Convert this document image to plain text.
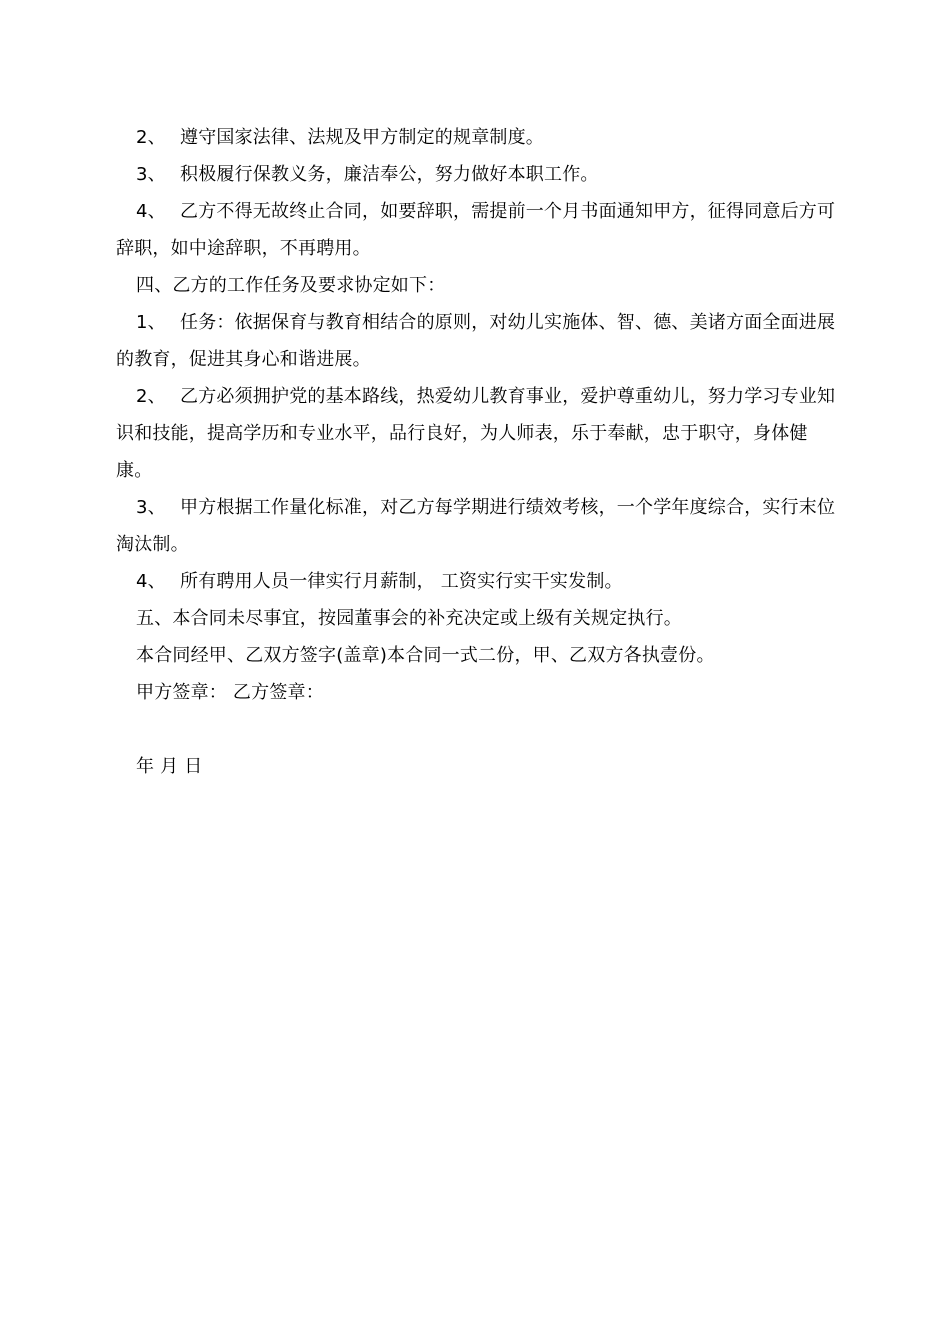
2、 遵守国家法律、法规及甲方制定的规章制度。

3、 积极履行保教义务，廉洁奉公，努力做好本职工作。

4、 乙方不得无故终止合同，如要辞职，需提前一个月书面通知甲方，征得同意后方可辞职，如中途辞职，不再聘用。

四、乙方的工作任务及要求协定如下：

1、 任务：依据保育与教育相结合的原则，对幼儿实施体、智、德、美诸方面全面进展的教育，促进其身心和谐进展。

2、 乙方必须拥护党的基本路线，热爱幼儿教育事业，爱护尊重幼儿，努力学习专业知识和技能，提高学历和专业水平，品行良好，为人师表，乐于奉献，忠于职守，身体健康。

3、 甲方根据工作量化标准，对乙方每学期进行绩效考核，一个学年度综合，实行末位淘汰制。

4、 所有聘用人员一律实行月薪制， 工资实行实干实发制。

五、本合同未尽事宜，按园董事会的补充决定或上级有关规定执行。

本合同经甲、乙双方签字(盖章)本合同一式二份，甲、乙双方各执壹份。

甲方签章： 乙方签章：

年 月 日
